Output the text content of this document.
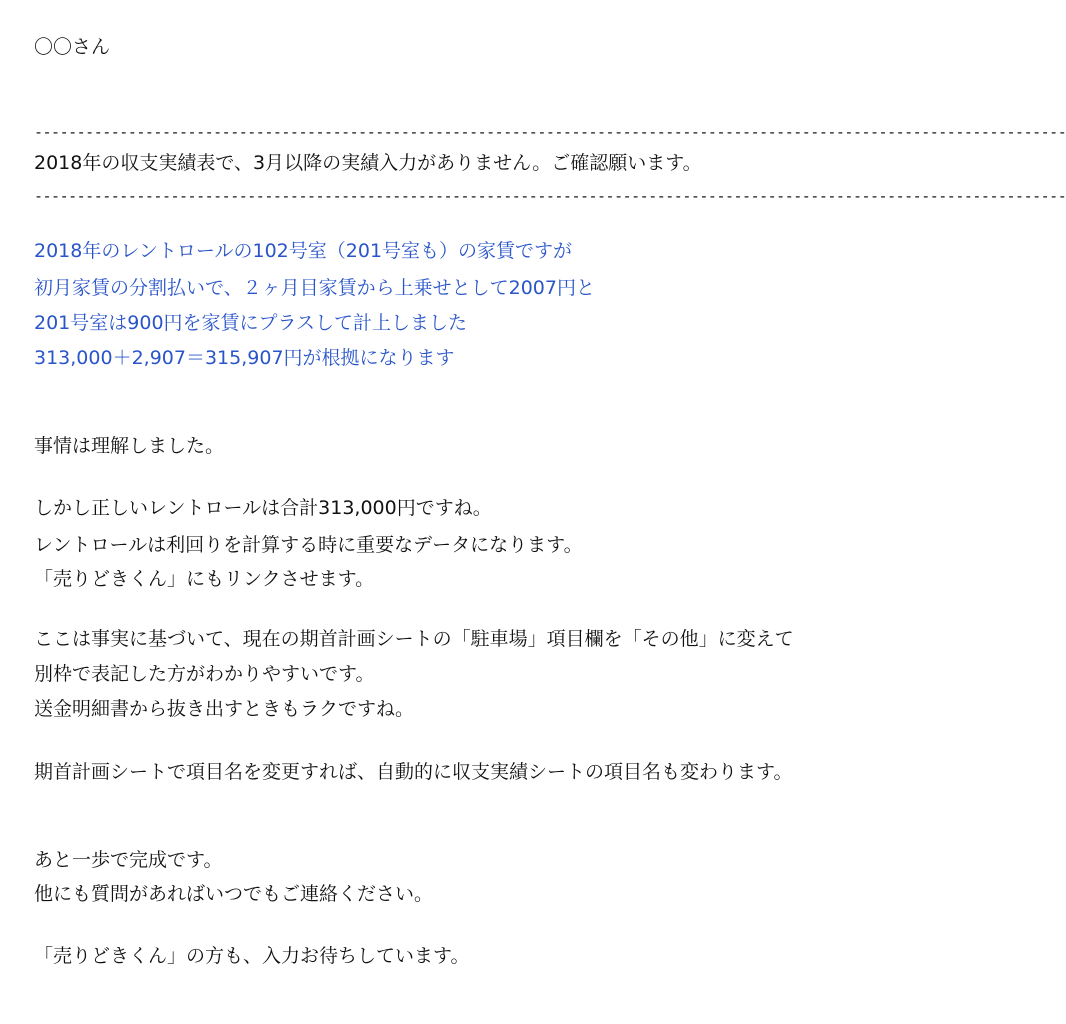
〇〇さん
-------------------------------------------------------------------------------------------------------------------------
2018年の収支実績表で、3月以降の実績入力がありません。ご確認願います。
-------------------------------------------------------------------------------------------------------------------------
2018年のレントロールの102号室（201号室も）の家賃ですが
初月家賃の分割払いで、２ヶ月目家賃から上乗せとして2007円と
201号室は900円を家賃にプラスして計上しました
313,000＋2,907＝315,907円が根拠になります
事情は理解しました。
しかし正しいレントロールは合計313,000円ですね。
レントロールは利回りを計算する時に重要なデータになります。
「売りどきくん」にもリンクさせます。
ここは事実に基づいて、現在の期首計画シートの「駐車場」項目欄を「その他」に変えて
別枠で表記した方がわかりやすいです。
送金明細書から抜き出すときもラクですね。
期首計画シートで項目名を変更すれば、自動的に収支実績シートの項目名も変わります。
あと一歩で完成です。
他にも質問があればいつでもご連絡ください。
「売りどきくん」の方も、入力お待ちしています。
